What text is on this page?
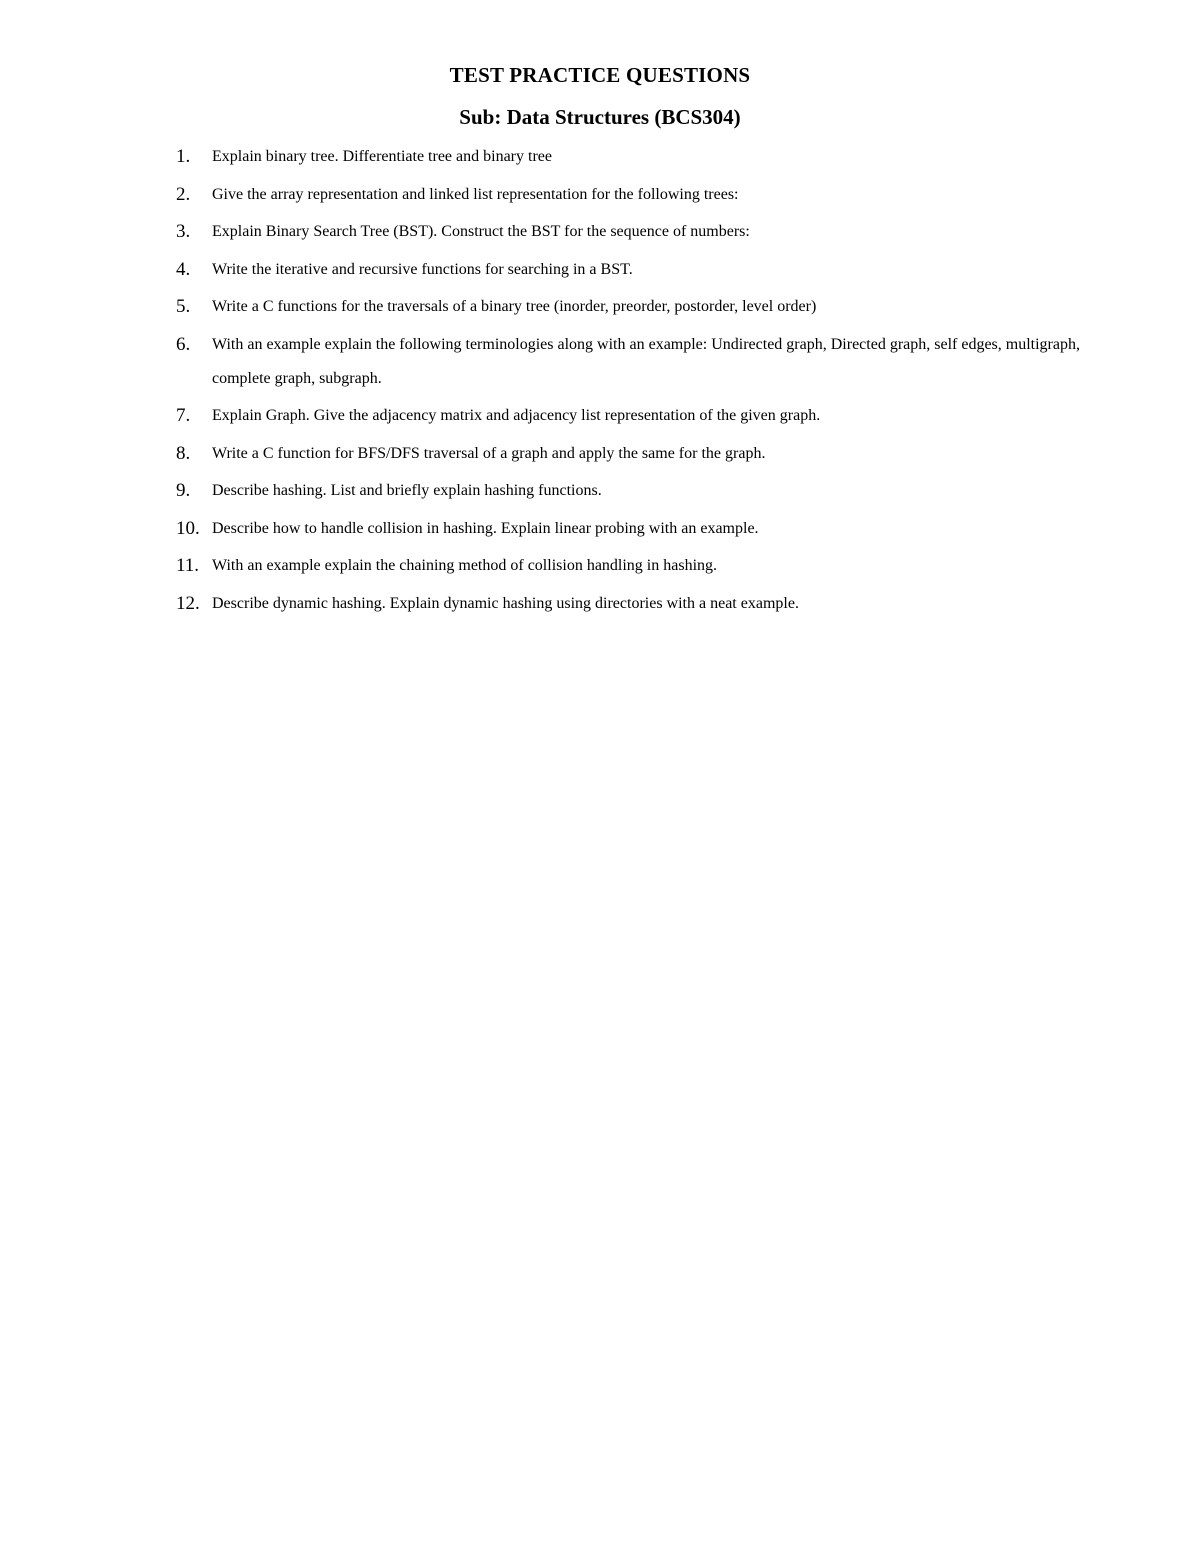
TEST PRACTICE QUESTIONS
Sub: Data Structures (BCS304)
1. Explain binary tree. Differentiate tree and binary tree
2. Give the array representation and linked list representation for the following trees:
3. Explain Binary Search Tree (BST). Construct the BST for the sequence of numbers:
4. Write the iterative and recursive functions for searching in a BST.
5. Write a C functions for the traversals of a binary tree (inorder, preorder, postorder, level order)
6. With an example explain the following terminologies along with an example: Undirected graph, Directed graph, self edges, multigraph, complete graph, subgraph.
7. Explain Graph. Give the adjacency matrix and adjacency list representation of the given graph.
8. Write a C function for BFS/DFS traversal of a graph and apply the same for the graph.
9. Describe hashing. List and briefly explain hashing functions.
10. Describe how to handle collision in hashing. Explain linear probing with an example.
11. With an example explain the chaining method of collision handling in hashing.
12. Describe dynamic hashing. Explain dynamic hashing using directories with a neat example.
